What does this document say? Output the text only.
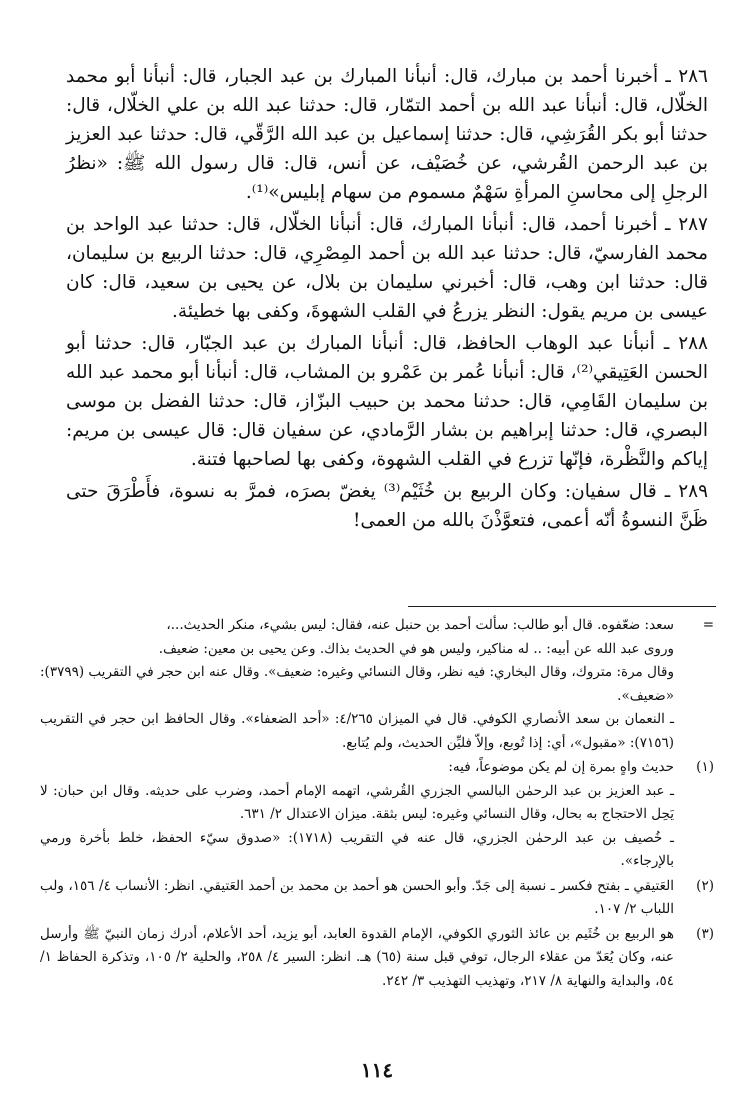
٢٨٦ ـ أخبرنا أحمد بن مبارك، قال: أنبأنا المبارك بن عبد الجبار، قال: أنبأنا أبو محمد الخلّال، قال: أنبأنا عبد الله بن أحمد التمّار، قال: حدثنا عبد الله بن علي الخلّال، قال: حدثنا أبو بكر القُرَشِي، قال: حدثنا إسماعيل بن عبد الله الرَّقّي، قال: حدثنا عبد العزيز بن عبد الرحمن القُرشي، عن خُصَيْف، عن أنس، قال: قال رسول الله ﷺ: «نظرُ الرجلِ إلى محاسنِ المرأةِ سَهْمٌ مسموم من سهام إبليس»⁽¹⁾.

٢٨٧ ـ أخبرنا أحمد، قال: أنبأنا المبارك، قال: أنبأنا الخلّال، قال: حدثنا عبد الواحد بن محمد الفارسيّ، قال: حدثنا عبد الله بن أحمد المِصْرِي، قال: حدثنا الربيع بن سليمان، قال: حدثنا ابن وهب، قال: أخبرني سليمان بن بلال، عن يحيى بن سعيد، قال: كان عيسى بن مريم يقول: النظر يزرعُ في القلب الشهوةَ، وكفى بها خطيئة.

٢٨٨ ـ أنبأنا عبد الوهاب الحافظ، قال: أنبأنا المبارك بن عبد الجبّار، قال: حدثنا أبو الحسن العَتِيقي⁽²⁾، قال: أنبأنا عُمر بن عَمْرو بن المشاب، قال: أنبأنا أبو محمد عبد الله بن سليمان القَامِي، قال: حدثنا محمد بن حبيب البزّاز، قال: حدثنا الفضل بن موسى البصري، قال: حدثنا إبراهيم بن بشار الرَّمادي، عن سفيان قال: قال عيسى بن مريم: إياكم والنَّظْرة، فإنّها تزرع في القلب الشهوة، وكفى بها لصاحبها فتنة.

٢٨٩ ـ قال سفيان: وكان الربيع بن خُثَيْم⁽³⁾ يغضّ بصرَه، فمرَّ به نسوة، فأَطْرَقَ حتى ظَنَّ النسوةُ أنّه أعمى، فتعوَّذْنَ بالله من العمى!

=
سعد: ضعّفوه. قال أبو طالب: سألت أحمد بن حنبل عنه، فقال: ليس بشيء، منكر الحديث...،
وروى عبد الله عن أبيه: .. له مناكير، وليس هو في الحديث بذاك. وعن يحيى بن معين: ضعيف.
وقال مرة: متروك، وقال البخاري: فيه نظر، وقال النسائي وغيره: ضعيف». وقال عنه ابن حجر في التقريب (٣٧٩٩): «ضعيف».
ـ النعمان بن سعد الأنصاري الكوفي. قال في الميزان ٤/٢٦٥: «أحد الضعفاء». وقال الحافظ ابن حجر في التقريب (٧١٥٦): «مقبول»، أي: إذا تُوبع، وإلاّ فليِّن الحديث، ولم يُتابع.
(١)
حديث واهٍ بمرة إن لم يكن موضوعاً، فيه:
ـ عبد العزيز بن عبد الرحمٰن البالسي الجزري القُرشي، اتهمه الإمام أحمد، وضرب على حديثه. وقال ابن حبان: لا يَحِل الاحتجاج به بحال، وقال النسائي وغيره: ليس بثقة. ميزان الاعتدال ٢/ ٦٣١.
ـ خُصيف بن عبد الرحمٰن الجزري، قال عنه في التقريب (١٧١٨): «صدوق سيّء الحفظ، خلط بأخرة ورمي بالإرجاء».
(٢)
العَتيقي ـ بفتح فكسر ـ نسبة إلى جَدّ. وأبو الحسن هو أحمد بن محمد بن أحمد العَتيقي. انظر: الأنساب ٤/ ١٥٦، ولب اللباب ٢/ ١٠٧.
(٣)
هو الربيع بن خُثَيم بن عائذ الثوري الكوفي، الإمام القدوة العابد، أبو يزيد، أحد الأعلام، أدرك زمان النبيّ ﷺ وأرسل عنه، وكان يُعَدّ من عقلاء الرجال، توفي قبل سنة (٦٥) هـ. انظر: السير ٤/ ٢٥٨، والحلية ٢/ ١٠٥، وتذكرة الحفاظ ١/ ٥٤، والبداية والنهاية ٨/ ٢١٧، وتهذيب التهذيب ٣/ ٢٤٢.
١١٤
